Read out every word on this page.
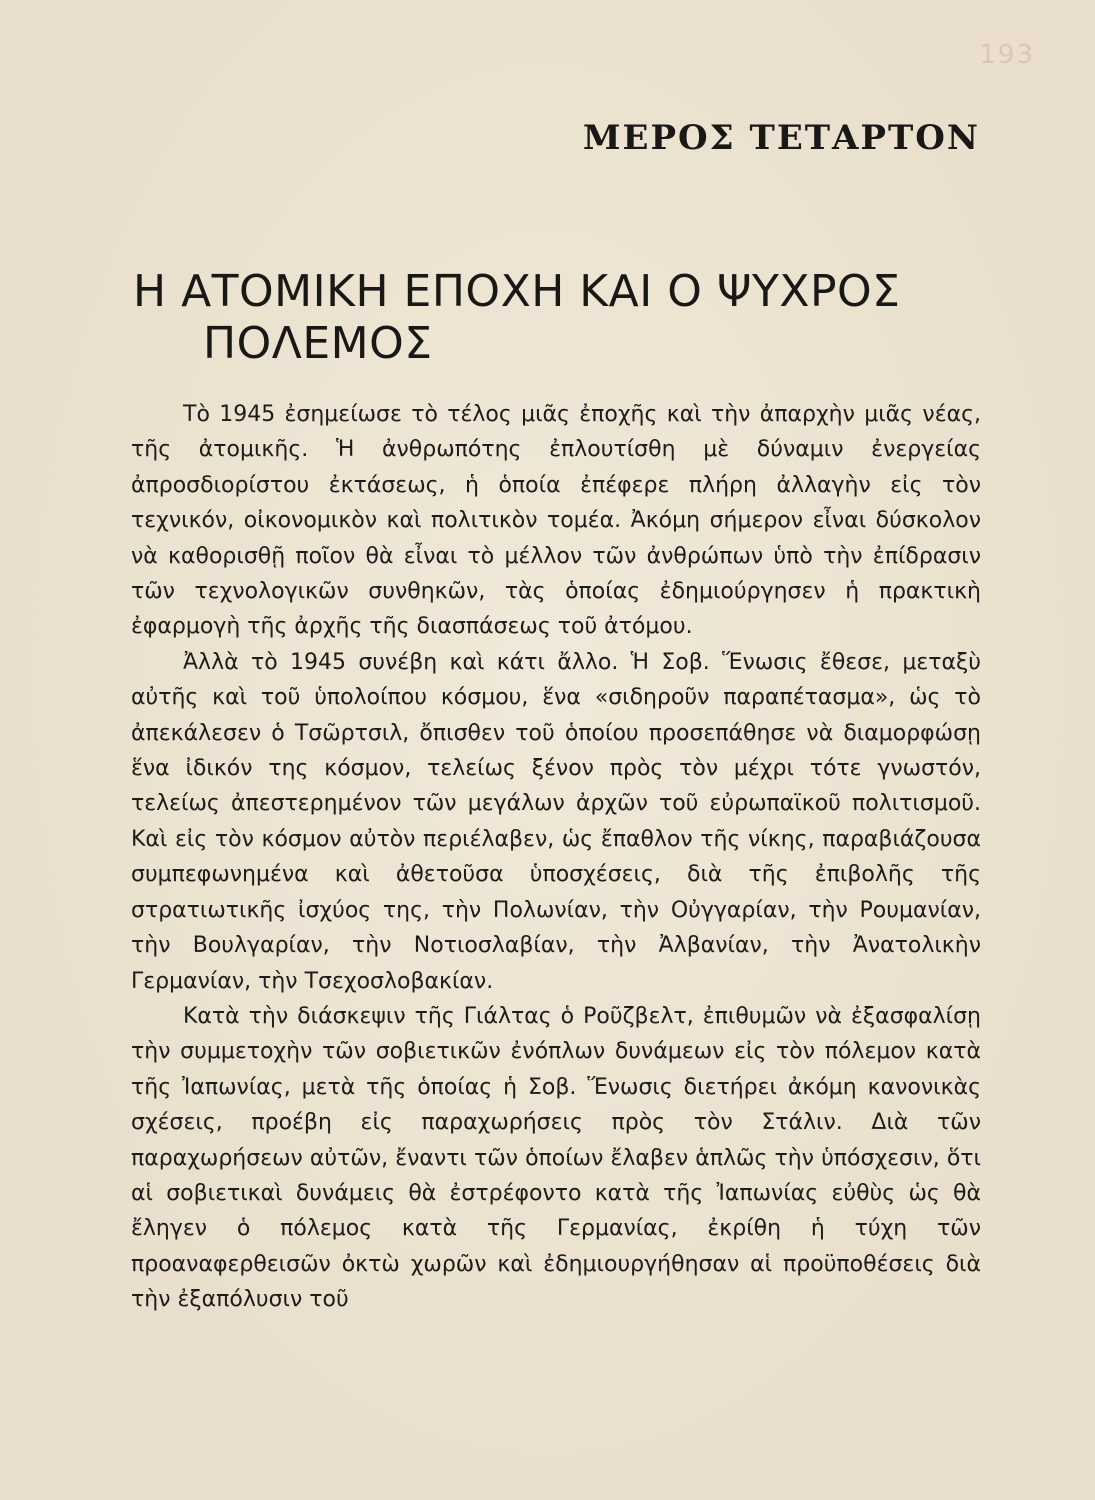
193
ΜΕΡΟΣ ΤΕΤΑΡΤΟΝ
Η ΑΤΟΜΙΚΗ ΕΠΟΧΗ ΚΑΙ Ο ΨΥΧΡΟΣ
ΠΟΛΕΜΟΣ

Τὸ 1945 ἐσημείωσε τὸ τέλος μιᾶς ἐποχῆς καὶ τὴν ἀπαρχὴν μιᾶς νέας, τῆς ἀτομικῆς. Ἡ ἀνθρωπότης ἐπλουτίσθη μὲ δύναμιν ἐνεργείας ἀπροσδιορίστου ἐκτάσεως, ἡ ὁποία ἐπέφερε πλήρη ἀλλαγὴν εἰς τὸν τεχνικόν, οἰκονομικὸν καὶ πολιτικὸν τομέα. Ἀκόμη σήμερον εἶναι δύσκολον νὰ καθορισθῇ ποῖον θὰ εἶναι τὸ μέλλον τῶν ἀνθρώπων ὑπὸ τὴν ἐπίδρασιν τῶν τεχνολογικῶν συνθηκῶν, τὰς ὁποίας ἐδημιούργησεν ἡ πρακτικὴ ἐφαρμογὴ τῆς ἀρχῆς τῆς διασπάσεως τοῦ ἀτόμου.

Ἀλλὰ τὸ 1945 συνέβη καὶ κάτι ἄλλο. Ἡ Σοβ. Ἕνωσις ἔθεσε, μεταξὺ αὐτῆς καὶ τοῦ ὑπολοίπου κόσμου, ἕνα «σιδηροῦν παραπέτασμα», ὡς τὸ ἀπεκάλεσεν ὁ Τσῶρτσιλ, ὄπισθεν τοῦ ὁποίου προσεπάθησε νὰ διαμορφώσῃ ἕνα ἰδικόν της κόσμον, τελείως ξένον πρὸς τὸν μέχρι τότε γνωστόν, τελείως ἀπεστερημένον τῶν μεγάλων ἀρχῶν τοῦ εὐρωπαϊκοῦ πολιτισμοῦ. Καὶ εἰς τὸν κόσμον αὐτὸν περιέλαβεν, ὡς ἔπαθλον τῆς νίκης, παραβιάζουσα συμπεφωνημένα καὶ ἀθετοῦσα ὑποσχέσεις, διὰ τῆς ἐπιβολῆς τῆς στρατιωτικῆς ἰσχύος της, τὴν Πολωνίαν, τὴν Οὐγγαρίαν, τὴν Ρουμανίαν, τὴν Βουλγαρίαν, τὴν Νοτιοσλαβίαν, τὴν Ἀλβανίαν, τὴν Ἀνατολικὴν Γερμανίαν, τὴν Τσεχοσλοβακίαν.

Κατὰ τὴν διάσκεψιν τῆς Γιάλτας ὁ Ροῦζβελτ, ἐπιθυμῶν νὰ ἐξασφαλίσῃ τὴν συμμετοχὴν τῶν σοβιετικῶν ἐνόπλων δυνάμεων εἰς τὸν πόλεμον κατὰ τῆς Ἰαπωνίας, μετὰ τῆς ὁποίας ἡ Σοβ. Ἕνωσις διετήρει ἀκόμη κανονικὰς σχέσεις, προέβη εἰς παραχωρήσεις πρὸς τὸν Στάλιν. Διὰ τῶν παραχωρήσεων αὐτῶν, ἔναντι τῶν ὁποίων ἔλαβεν ἁπλῶς τὴν ὑπόσχεσιν, ὅτι αἱ σοβιετικαὶ δυνάμεις θὰ ἐστρέφοντο κατὰ τῆς Ἰαπωνίας εὐθὺς ὡς θὰ ἔληγεν ὁ πόλεμος κατὰ τῆς Γερμανίας, ἐκρίθη ἡ τύχη τῶν προαναφερθεισῶν ὀκτὼ χωρῶν καὶ ἐδημιουργήθησαν αἱ προϋποθέσεις διὰ τὴν ἐξαπόλυσιν τοῦ
